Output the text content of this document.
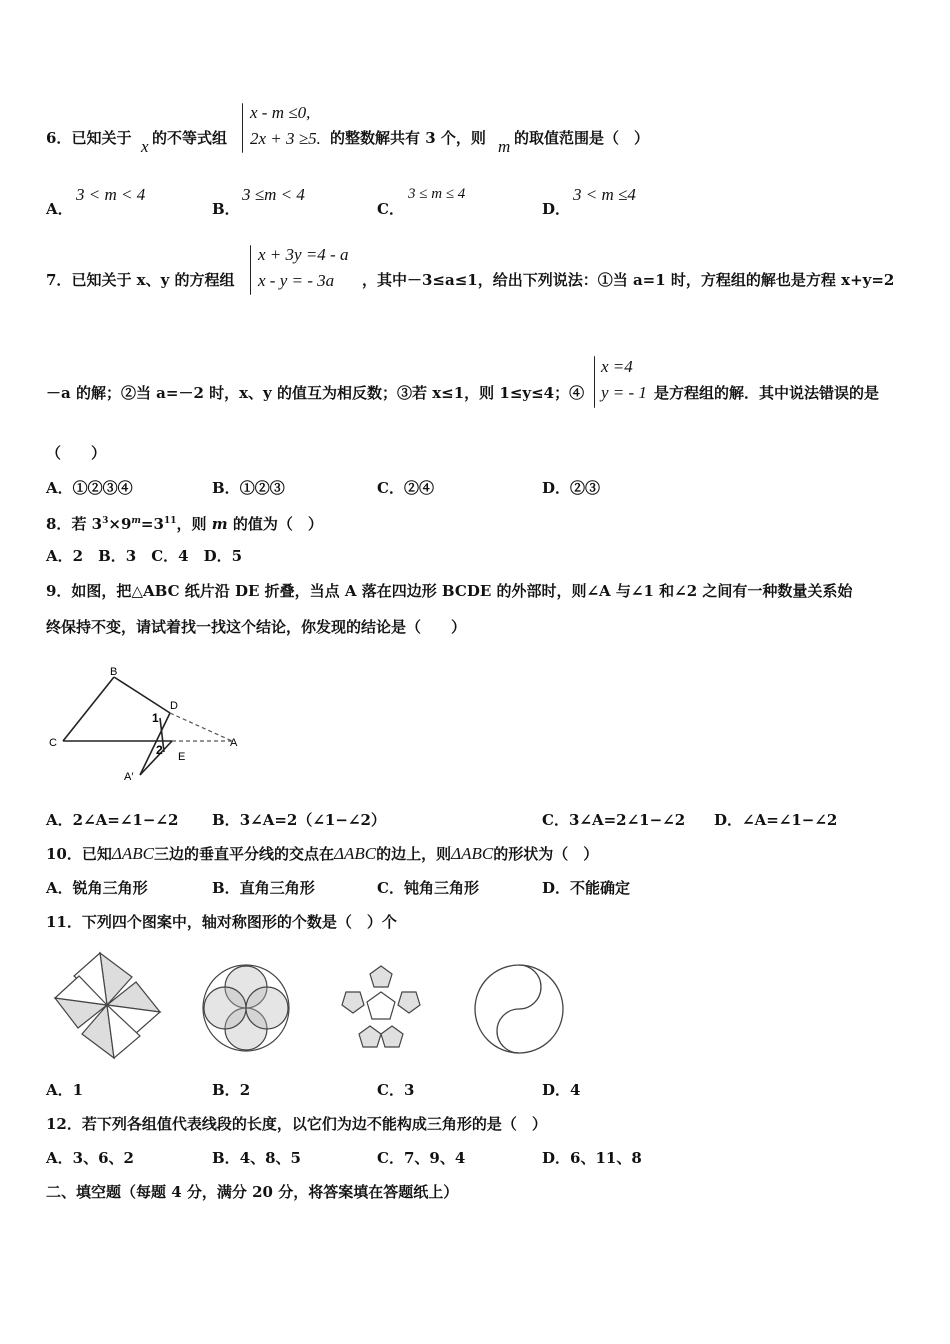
6．已知关于 x 的不等式组
x - m ≤0,
2x + 3 ≥5. 的整数解共有 3 个，则 m 的取值范围是（　）
A．
3 < m < 4
B．
3 ≤m < 4
C．
3 ≤ m ≤ 4
D．
3 < m ≤4
7．已知关于 x、y 的方程组
x + 3y =4 - a
x - y = - 3a	，其中－3≤a≤1，给出下列说法：①当 a=1 时，方程组的解也是方程 x+y=2
－a 的解；②当 a=－2 时，x、y 的值互为相反数；③若 x≤1，则 1≤y≤4；④
x =4
y = - 1 是方程组的解．其中说法错误的是
（　　）
A．①②③④	B．①②③	C．②④	D．②③
8．若 $3^3\times 9^m=3^{11}$，则 m 的值为（　）
A．2　B．3　C．4　D．5
9．如图，把△ABC 纸片沿 DE 折叠，当点 A 落在四边形 BCDE 的外部时，则∠A 与∠1 和∠2 之间有一种数量关系始
终保持不变，请试着找一找这个结论，你发现的结论是（　　）
B
C
D
A
E
A′
1
2
A．2∠A=∠1−∠2 B．3∠A=2（∠1−∠2）	C．3∠A=2∠1−∠2 D．∠A=∠1−∠2
10．已知ΔABC三边的垂直平分线的交点在ΔABC的边上，则ΔABC的形状为（　）
A．锐角三角形	B．直角三角形	C．钝角三角形	D．不能确定
11．下列四个图案中，轴对称图形的个数是（　）个
A．1	B．2	C．3	D．4
12．若下列各组值代表线段的长度，以它们为边不能构成三角形的是（　）
A．3、6、2	B．4、8、5	C．7、9、4	D．6、11、8
二、填空题（每题 4 分，满分 20 分，将答案填在答题纸上）
